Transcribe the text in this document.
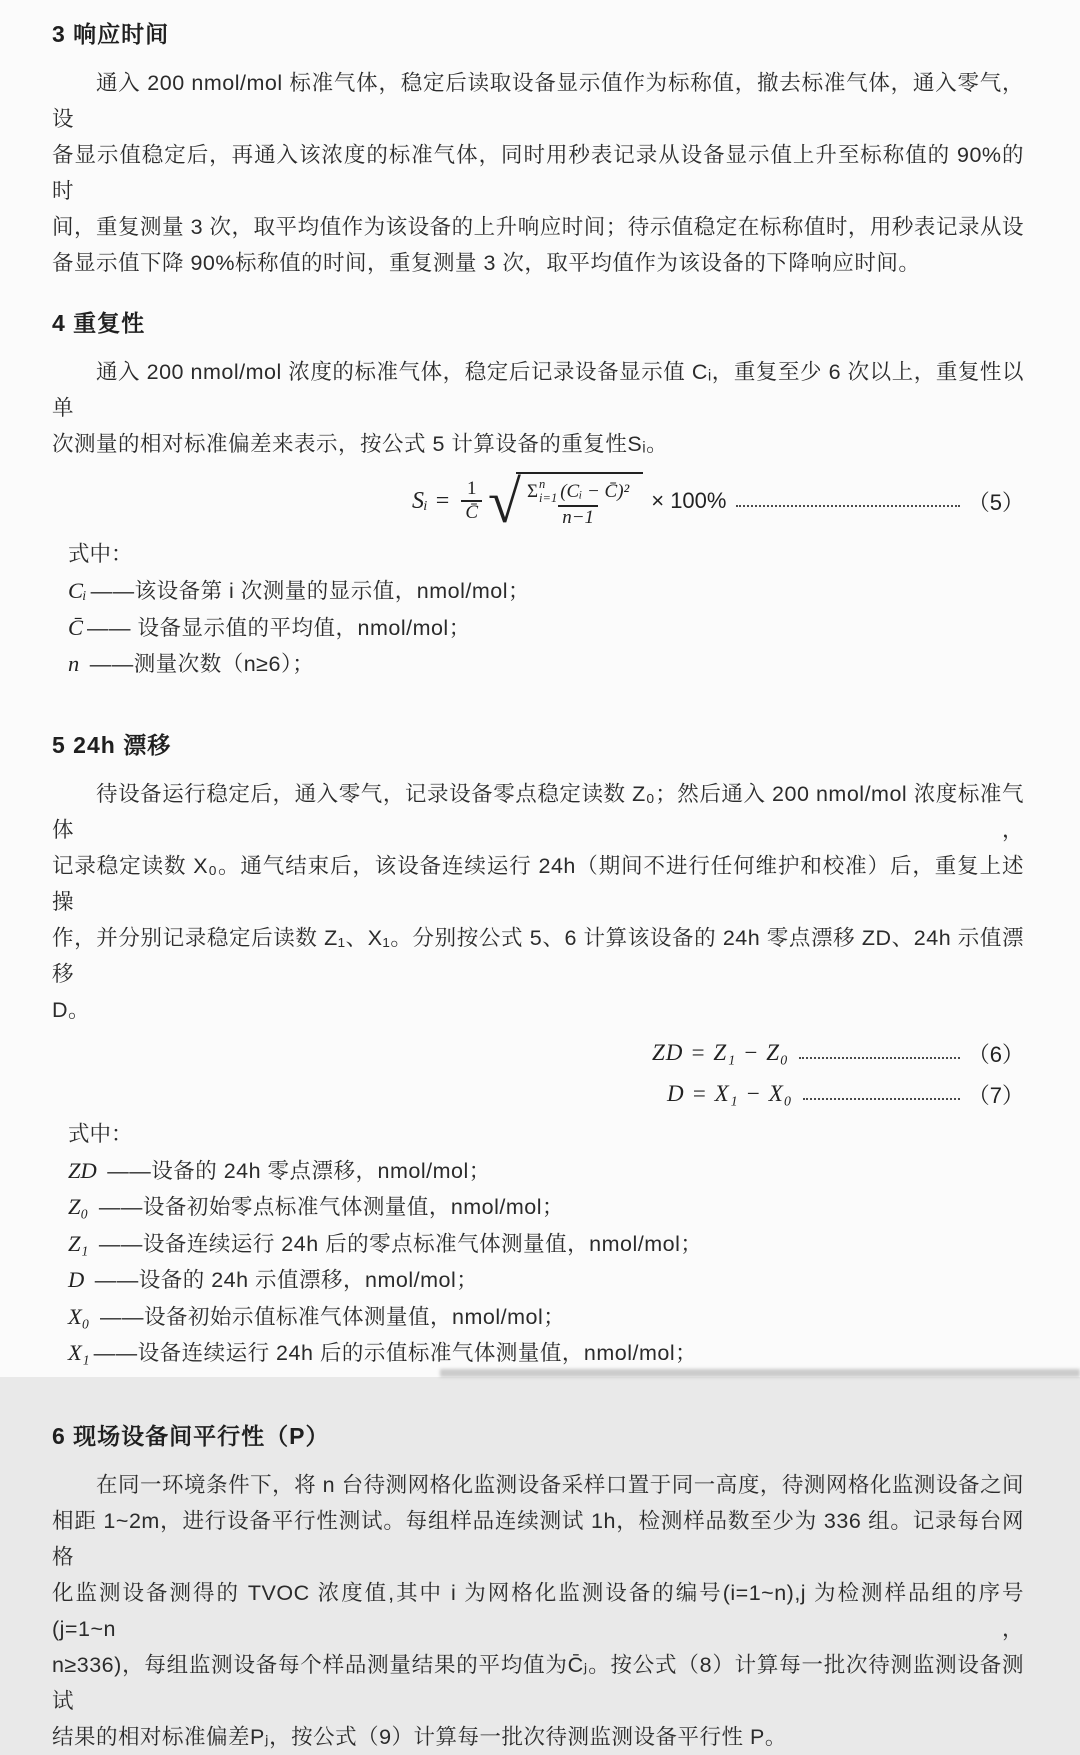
3 响应时间
通入 200 nmol/mol 标准气体，稳定后读取设备显示值作为标称值，撤去标准气体，通入零气，设
备显示值稳定后，再通入该浓度的标准气体，同时用秒表记录从设备显示值上升至标称值的 90%的时
间，重复测量 3 次，取平均值作为该设备的上升响应时间；待示值稳定在标称值时，用秒表记录从设
备显示值下降 90%标称值的时间，重复测量 3 次，取平均值作为该设备的下降响应时间。
4 重复性
通入 200 nmol/mol 浓度的标准气体，稳定后记录设备显示值 Cᵢ，重复至少 6 次以上，重复性以单
次测量的相对标准偏差来表示，按公式 5 计算设备的重复性Sᵢ。
Sᵢ = $\frac{1}{C̄}$ √ Σ n
i=1 (Cᵢ − C̄)²
n−1
× 100%	（5）
式中：
Cᵢ ——该设备第 i 次测量的显示值，nmol/mol；
C̄ —— 设备显示值的平均值，nmol/mol；
n ——测量次数（n≥6）；
5 24h 漂移
待设备运行稳定后，通入零气，记录设备零点稳定读数 Z₀；然后通入 200 nmol/mol 浓度标准气体，
记录稳定读数 X₀。通气结束后，该设备连续运行 24h（期间不进行任何维护和校准）后，重复上述操
作，并分别记录稳定后读数 Z₁、X₁。分别按公式 5、6 计算该设备的 24h 零点漂移 ZD、24h 示值漂移
D。
ZD = Z₁ − Z₀	（6）
D = X₁ − X₀	（7）
式中：
ZD ——设备的 24h 零点漂移，nmol/mol；
Z₀ ——设备初始零点标准气体测量值，nmol/mol；
Z₁ ——设备连续运行 24h 后的零点标准气体测量值，nmol/mol；
D ——设备的 24h 示值漂移，nmol/mol；
X₀ ——设备初始示值标准气体测量值，nmol/mol；
X₁ ——设备连续运行 24h 后的示值标准气体测量值，nmol/mol；
6 现场设备间平行性（P）
在同一环境条件下，将 n 台待测网格化监测设备采样口置于同一高度，待测网格化监测设备之间
相距 1~2m，进行设备平行性测试。每组样品连续测试 1h，检测样品数至少为 336 组。记录每台网格
化监测设备测得的 TVOC 浓度值,其中 i 为网格化监测设备的编号(i=1~n),j 为检测样品组的序号(j=1~n，
n≥336)，每组监测设备每个样品测量结果的平均值为C̄ⱼ。按公式（8）计算每一批次待测监测设备测试
结果的相对标准偏差Pⱼ，按公式（9）计算每一批次待测监测设备平行性 P。
